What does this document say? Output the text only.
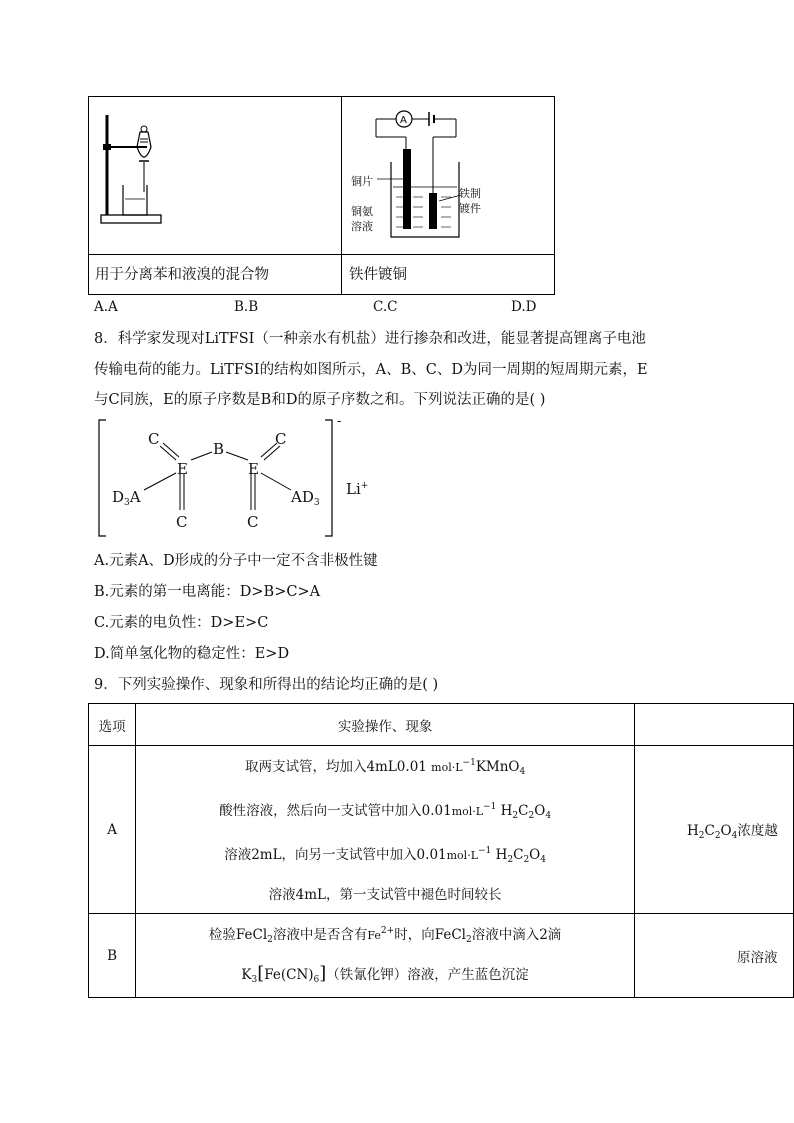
A
铜片
铁制
镀件
铜氨
溶液
用于分离苯和液溴的混合物	铁件镀铜
A.A	B.B	C.C	D.D
8．科学家发现对LiTFSI（一种亲水有机盐）进行掺杂和改进，能显著提高锂离子电池
传输电荷的能力。LiTFSI的结构如图所示，A、B、C、D为同一周期的短周期元素，E
与C同族，E的原子序数是B和D的原子序数之和。下列说法正确的是( )
C
B
C
E	E
$D_3A$	$AD_3$
C	C
-
Li+
A.元素A、D形成的分子中一定不含非极性键
B.元素的第一电离能：D>B>C>A
C.元素的电负性：D>E>C
D.简单氢化物的稳定性：E>D
9．下列实验操作、现象和所得出的结论均正确的是( )
选项	实验操作、现象	
A	取两支试管，均加入4mL0.01 $mol\cdot L^{-1}KMnO_4$
酸性溶液，然后向一支试管中加入$0.01mol\cdot L^{-1}$ $H_2C_2O_4$
溶液2mL，向另一支试管中加入$0.01mol\cdot L^{-1}$ $H_2C_2O_4$
溶液4mL，第一支试管中褪色时间较长	$H_2C_2O_4$浓度越
B	检验FeCl$_2$溶液中是否含有$Fe^{2+}$时，向FeCl$_2$溶液中滴入2滴
$K_3[Fe(CN)_6]$（铁氰化钾）溶液，产生蓝色沉淀	原溶液
